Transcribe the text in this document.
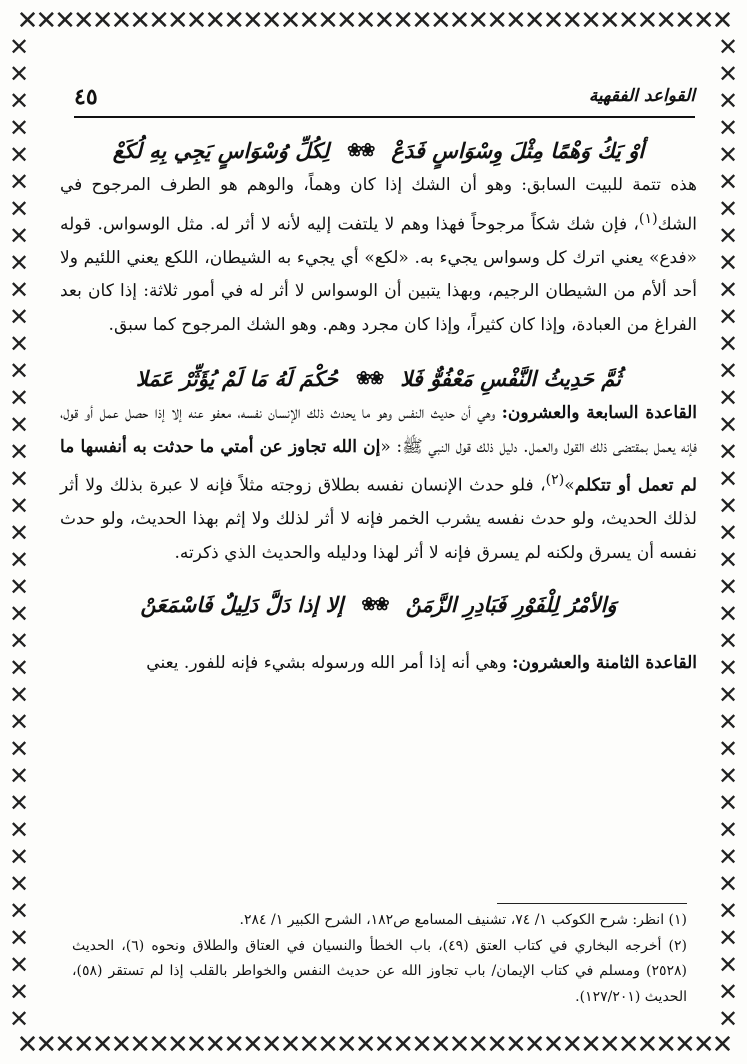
✕✕✕✕✕✕✕✕✕✕✕✕✕✕✕✕✕✕✕✕✕✕✕✕✕✕✕✕✕✕✕✕✕✕✕✕✕✕
✕✕✕✕✕✕✕✕✕✕✕✕✕✕✕✕✕✕✕✕✕✕✕✕✕✕✕✕✕✕✕✕✕✕✕✕✕
✕✕✕✕✕✕✕✕✕✕✕✕✕✕✕✕✕✕✕✕✕✕✕✕✕✕✕✕✕✕✕✕✕✕✕✕✕
✕✕✕✕✕✕✕✕✕✕✕✕✕✕✕✕✕✕✕✕✕✕✕✕✕✕✕✕✕✕✕✕✕✕✕✕✕✕
القواعد الفقهية
٤٥
أوْ يَكُ وَهْمًا مِثْلَ وِسْوَاسٍ فَدَعْ
❀❀
لِكُلِّ وُسْوَاسٍ يَجِي بِهِ لُكَعْ

هذه تتمة للبيت السابق: وهو أن الشك إذا كان وهماً، والوهم هو الطرف المرجوح في الشك$^{(١)}$، فإن شك شكاً مرجوحاً فهذا وهم لا يلتفت إليه لأنه لا أثر له. مثل الوسواس. قوله «فدع» يعني اترك كل وسواس يجيء به. «لكع» أي يجيء به الشيطان، اللكع يعني اللئيم ولا أحد ألأم من الشيطان الرجيم، وبهذا يتبين أن الوسواس لا أثر له في أمور ثلاثة: إذا كان بعد الفراغ من العبادة، وإذا كان كثيراً، وإذا كان مجرد وهم. وهو الشك المرجوح كما سبق.

ثُمَّ حَدِيثُ النَّفْسِ مَعْفُوٌّ فَلا
❀❀
حُكْمَ لَهُ مَا لَمْ يُؤَثِّرْ عَمَلا

القاعدة السابعة والعشرون: وهي أن حديث النفس وهو ما يحدث ذلك الإنسان نفسه، معفو عنه إلا إذا حصل عمل أو قول، فإنه يعمل بمقتضى ذلك القول والعمل. دليل ذلك قول النبي ﷺ: «إن الله تجاوز عن أمتي ما حدثت به أنفسها ما لم تعمل أو تتكلم»$^{(٢)}$، فلو حدث الإنسان نفسه بطلاق زوجته مثلاً فإنه لا عبرة بذلك ولا أثر لذلك الحديث، ولو حدث نفسه يشرب الخمر فإنه لا أثر لذلك ولا إثم بهذا الحديث، ولو حدث نفسه أن يسرق ولكنه لم يسرق فإنه لا أثر لهذا ودليله والحديث الذي ذكرته.

وَالأمْرُ لِلْفَوْرِ فَبَادِرِ الزَّمَنْ
❀❀
إلا إذا دَلَّ دَلِيلٌ فَاسْمَعَنْ

القاعدة الثامنة والعشرون: وهي أنه إذا أمر الله ورسوله بشيء فإنه للفور. يعني

(١) انظر: شرح الكوكب ١/ ٧٤، تشنيف المسامع ص١٨٢، الشرح الكبير ١/ ٢٨٤.

(٢) أخرجه البخاري في كتاب العتق (٤٩)، باب الخطأ والنسيان في العتاق والطلاق ونحوه (٦)، الحديث (٢٥٢٨) ومسلم في كتاب الإيمان/ باب تجاوز الله عن حديث النفس والخواطر بالقلب إذا لم تستقر (٥٨)، الحديث (١٢٧/٢٠١).
